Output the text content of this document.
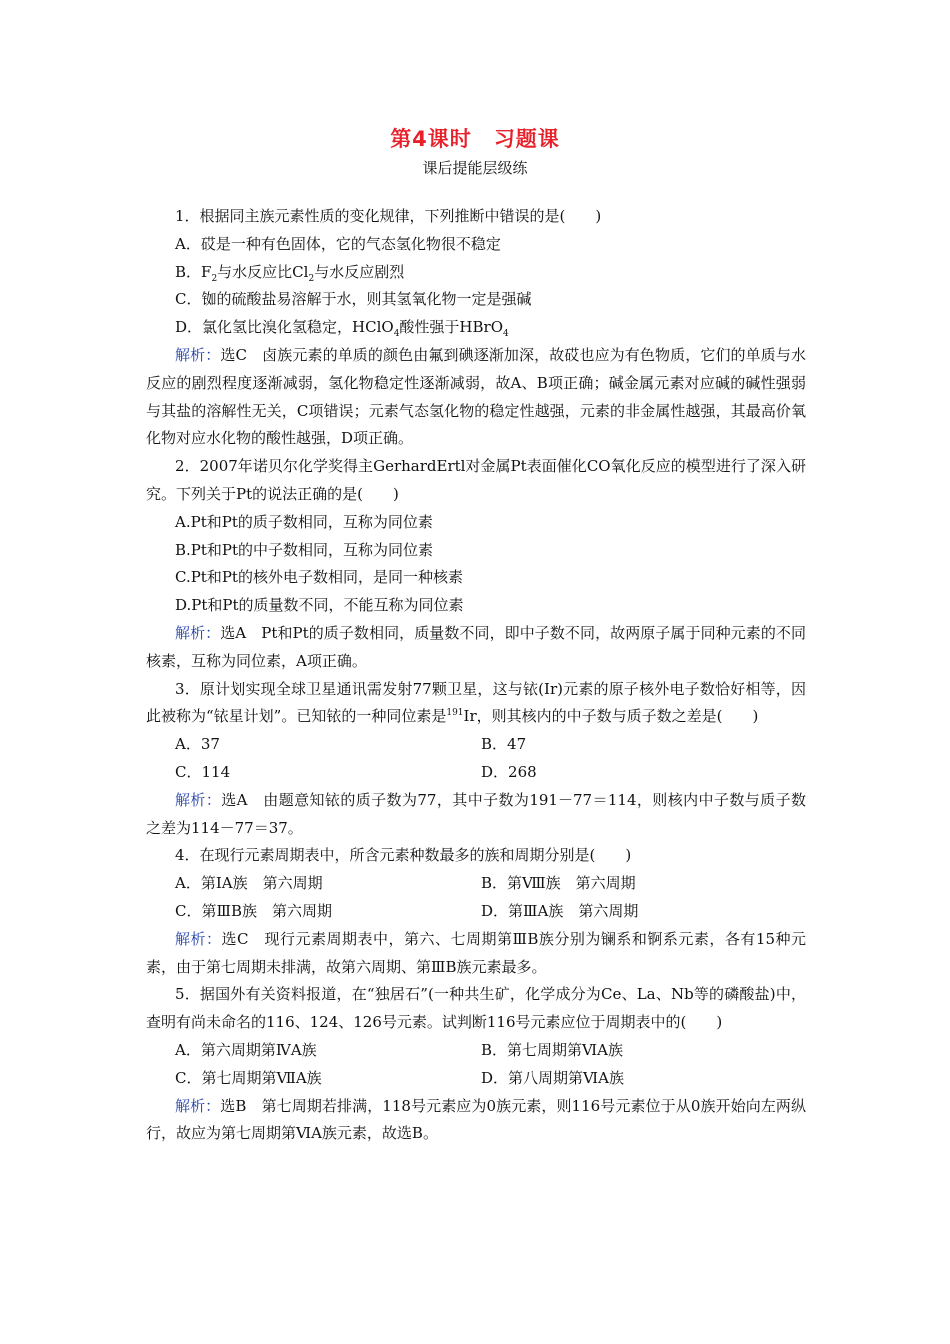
第4课时 习题课
课后提能层级练
1．根据同主族元素性质的变化规律，下列推断中错误的是(　　)
A．砹是一种有色固体，它的气态氢化物很不稳定
B．$F_2$与水反应比$Cl_2$与水反应剧烈
C．铷的硫酸盐易溶解于水，则其氢氧化物一定是强碱
D．氯化氢比溴化氢稳定，HClO$_4$酸性强于HBrO$_4$
解析：选C　卤族元素的单质的颜色由氟到碘逐渐加深，故砹也应为有色物质，它们的单质与水反应的剧烈程度逐渐减弱，氢化物稳定性逐渐减弱，故A、B项正确；碱金属元素对应碱的碱性强弱与其盐的溶解性无关，C项错误；元素气态氢化物的稳定性越强，元素的非金属性越强，其最高价氧化物对应水化物的酸性越强，D项正确。
2．2007年诺贝尔化学奖得主GerhardErtl对金属Pt表面催化CO氧化反应的模型进行了深入研究。下列关于Pt的说法正确的是(　　)
A.Pt和Pt的质子数相同，互称为同位素
B.Pt和Pt的中子数相同，互称为同位素
C.Pt和Pt的核外电子数相同，是同一种核素
D.Pt和Pt的质量数不同，不能互称为同位素
解析：选A　Pt和Pt的质子数相同，质量数不同，即中子数不同，故两原子属于同种元素的不同核素，互称为同位素，A项正确。
3．原计划实现全球卫星通讯需发射77颗卫星，这与铱(Ir)元素的原子核外电子数恰好相等，因此被称为“铱星计划”。已知铱的一种同位素是$^{191}$Ir，则其核内的中子数与质子数之差是(　　)
A．37	B．47
C．114	D．268
解析：选A　由题意知铱的质子数为77，其中子数为191－77＝114，则核内中子数与质子数之差为114－77＝37。
4．在现行元素周期表中，所含元素种数最多的族和周期分别是(　　)
A．第ⅠA族　第六周期	B．第Ⅷ族　第六周期
C．第ⅢB族　第六周期	D．第ⅢA族　第六周期
解析：选C　现行元素周期表中，第六、七周期第ⅢB族分别为镧系和锕系元素，各有15种元素，由于第七周期未排满，故第六周期、第ⅢB族元素最多。
5．据国外有关资料报道，在“独居石”(一种共生矿，化学成分为Ce、La、Nb等的磷酸盐)中，查明有尚未命名的116、124、126号元素。试判断116号元素应位于周期表中的(　　)
A．第六周期第ⅣA族	B．第七周期第ⅥA族
C．第七周期第ⅦA族	D．第八周期第ⅥA族
解析：选B　第七周期若排满，118号元素应为0族元素，则116号元素位于从0族开始向左两纵行，故应为第七周期第ⅥA族元素，故选B。
